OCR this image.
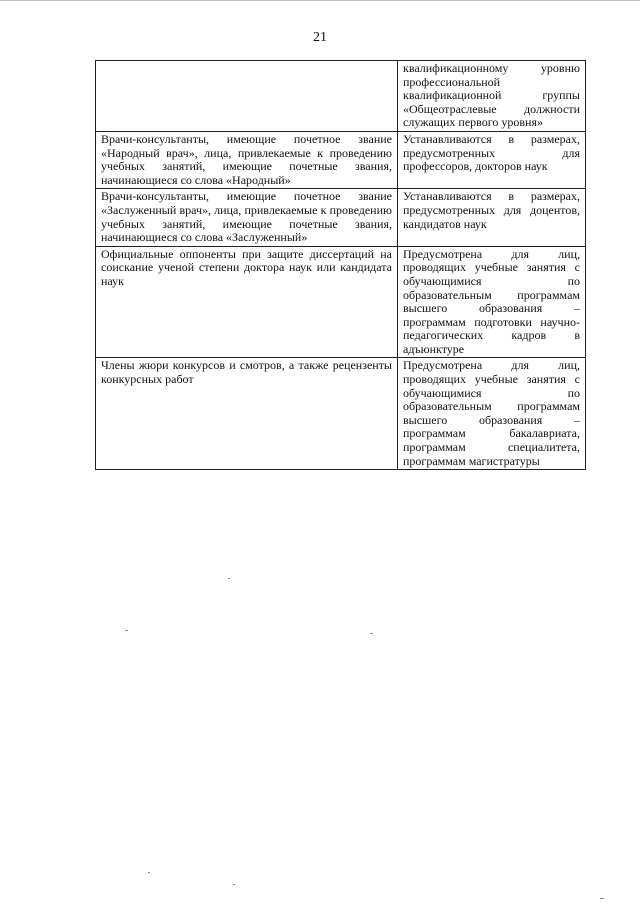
21
	квалификационному уровню профессиональной квалификационной группы «Общеотраслевые должности служащих первого уровня»
Врачи-консультанты, имеющие почетное звание «Народный врач», лица, привлекаемые к проведению учебных занятий, имеющие почетные звания, начинающиеся со слова «Народный»	Устанавливаются в размерах, предусмотренных для профессоров, докторов наук
Врачи-консультанты, имеющие почетное звание «Заслуженный врач», лица, привлекаемые к проведению учебных занятий, имеющие почетные звания, начинающиеся со слова «Заслуженный»	Устанавливаются в размерах, предусмотренных для доцентов, кандидатов наук
Официальные оппоненты при защите диссертаций на соискание ученой степени доктора наук или кандидата наук	Предусмотрена для лиц, проводящих учебные занятия с обучающимися по образовательным программам высшего образования – программам подготовки научно-педагогических кадров в адъюнктуре
Члены жюри конкурсов и смотров, а также рецензенты конкурсных работ	Предусмотрена для лиц, проводящих учебные занятия с обучающимися по образовательным программам высшего образования – программам бакалавриата, программам специалитета, программам магистратуры
